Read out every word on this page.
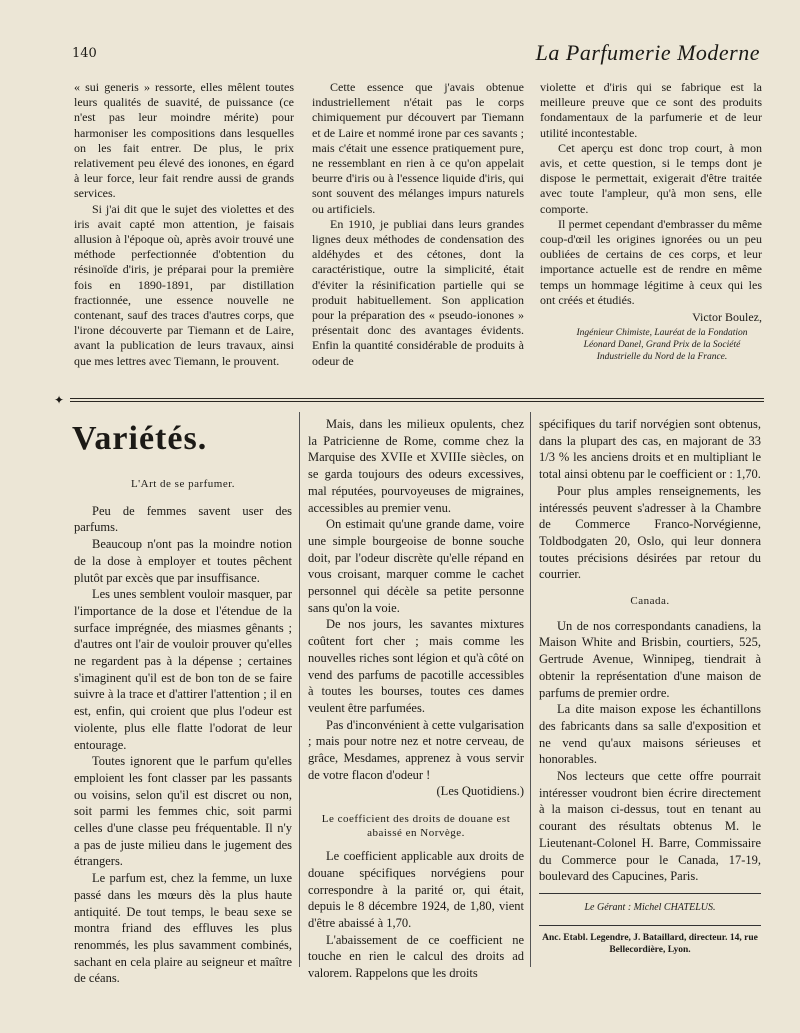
140	La Parfumerie Moderne

« sui generis » ressorte, elles mêlent toutes leurs qualités de suavité, de puissance (ce n'est pas leur moindre mérite) pour harmoniser les compositions dans lesquelles on les fait entrer. De plus, le prix relativement peu élevé des ionones, en égard à leur force, leur fait rendre aussi de grands services.

Si j'ai dit que le sujet des violettes et des iris avait capté mon attention, je faisais allusion à l'époque où, après avoir trouvé une méthode perfectionnée d'obtention du résinoïde d'iris, je préparai pour la première fois en 1890-1891, par distillation fractionnée, une essence nouvelle ne contenant, sauf des traces d'autres corps, que l'irone découverte par Tiemann et de Laire, avant la publication de leurs travaux, ainsi que mes lettres avec Tiemann, le prouvent.

Cette essence que j'avais obtenue industriellement n'était pas le corps chimiquement pur découvert par Tiemann et de Laire et nommé irone par ces savants ; mais c'était une essence pratiquement pure, ne ressemblant en rien à ce qu'on appelait beurre d'iris ou à l'essence liquide d'iris, qui sont souvent des mélanges impurs naturels ou artificiels.

En 1910, je publiai dans leurs grandes lignes deux méthodes de condensation des aldéhydes et des cétones, dont la caractéristique, outre la simplicité, était d'éviter la résinification partielle qui se produit habituellement. Son application pour la préparation des « pseudo-ionones » présentait donc des avantages évidents. Enfin la quantité considérable de produits à odeur de

violette et d'iris qui se fabrique est la meilleure preuve que ce sont des produits fondamentaux de la parfumerie et de leur utilité incontestable.

Cet aperçu est donc trop court, à mon avis, et cette question, si le temps dont je dispose le permettait, exigerait d'être traitée avec toute l'ampleur, qu'à mon sens, elle comporte.

Il permet cependant d'embrasser du même coup-d'œil les origines ignorées ou un peu oubliées de certains de ces corps, et leur importance actuelle est de rendre en même temps un hommage légitime à ceux qui les ont créés et étudiés.

Victor Boulez,

Ingénieur Chimiste, Lauréat de la Fondation Léonard Danel, Grand Prix de la Société Industrielle du Nord de la France.

✦
Variétés.

L'Art de se parfumer.

Peu de femmes savent user des parfums.

Beaucoup n'ont pas la moindre notion de la dose à employer et toutes pêchent plutôt par excès que par insuffisance.

Les unes semblent vouloir masquer, par l'importance de la dose et l'étendue de la surface imprégnée, des miasmes gênants ; d'autres ont l'air de vouloir prouver qu'elles ne regardent pas à la dépense ; certaines s'imaginent qu'il est de bon ton de se faire suivre à la trace et d'attirer l'attention ; il en est, enfin, qui croient que plus l'odeur est violente, plus elle flatte l'odorat de leur entourage.

Toutes ignorent que le parfum qu'elles emploient les font classer par les passants ou voisins, selon qu'il est discret ou non, soit parmi les femmes chic, soit parmi celles d'une classe peu fréquentable. Il n'y a pas de juste milieu dans le jugement des étrangers.

Le parfum est, chez la femme, un luxe passé dans les mœurs dès la plus haute antiquité. De tout temps, le beau sexe se montra friand des effluves les plus renommés, les plus savamment combinés, sachant en cela plaire au seigneur et maître de céans.

Mais, dans les milieux opulents, chez la Patricienne de Rome, comme chez la Marquise des XVIIe et XVIIIe siècles, on se garda toujours des odeurs excessives, mal réputées, pourvoyeuses de migraines, accessibles au premier venu.

On estimait qu'une grande dame, voire une simple bourgeoise de bonne souche doit, par l'odeur discrète qu'elle répand en vous croisant, marquer comme le cachet personnel qui décèle sa petite personne sans qu'on la voie.

De nos jours, les savantes mixtures coûtent fort cher ; mais comme les nouvelles riches sont légion et qu'à côté on vend des parfums de pacotille accessibles à toutes les bourses, toutes ces dames veulent être parfumées.

Pas d'inconvénient à cette vulgarisation ; mais pour notre nez et notre cerveau, de grâce, Mesdames, apprenez à vous servir de votre flacon d'odeur !

(Les Quotidiens.)

Le coefficient des droits de douane est abaissé en Norvège.

Le coefficient applicable aux droits de douane spécifiques norvégiens pour correspondre à la parité or, qui était, depuis le 8 décembre 1924, de 1,80, vient d'être abaissé à 1,70.

L'abaissement de ce coefficient ne touche en rien le calcul des droits ad valorem. Rappelons que les droits

spécifiques du tarif norvégien sont obtenus, dans la plupart des cas, en majorant de 33 1/3 % les anciens droits et en multipliant le total ainsi obtenu par le coefficient or : 1,70.

Pour plus amples renseignements, les intéressés peuvent s'adresser à la Chambre de Commerce Franco-Norvégienne, Toldbodgaten 20, Oslo, qui leur donnera toutes précisions désirées par retour du courrier.

Canada.

Un de nos correspondants canadiens, la Maison White and Brisbin, courtiers, 525, Gertrude Avenue, Winnipeg, tiendrait à obtenir la représentation d'une maison de parfums de premier ordre.

La dite maison expose les échantillons des fabricants dans sa salle d'exposition et ne vend qu'aux maisons sérieuses et honorables.

Nos lecteurs que cette offre pourrait intéresser voudront bien écrire directement à la maison ci-dessus, tout en tenant au courant des résultats obtenus M. le Lieutenant-Colonel H. Barre, Commissaire du Commerce pour le Canada, 17-19, boulevard des Capucines, Paris.

Le Gérant : Michel CHATELUS.

Anc. Etabl. Legendre, J. Bataillard, directeur. 14, rue Bellecordière, Lyon.
